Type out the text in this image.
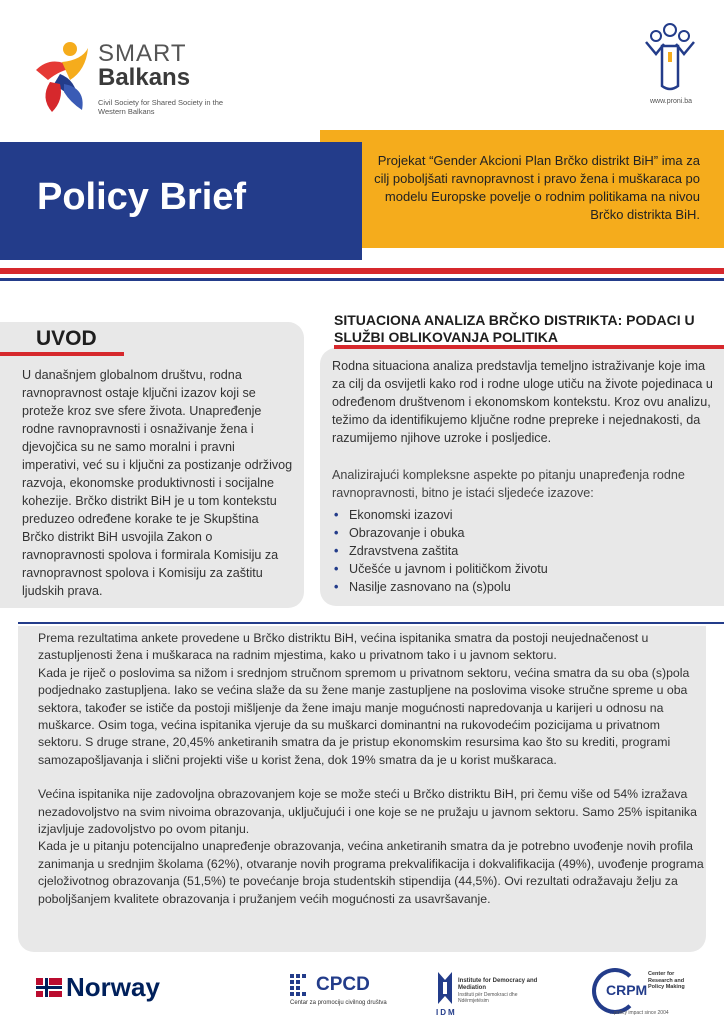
SMART
Balkans
Civil Society for Shared Society in the Western Balkans
www.proni.ba
Policy Brief
Projekat “Gender Akcioni Plan Brčko distrikt BiH” ima za cilj poboljšati ravnopravnost i pravo žena i muškaraca po modelu Europske povelje o rodnim politikama na nivou Brčko distrikta BiH.
UVOD
U današnjem globalnom društvu, rodna ravnopravnost ostaje ključni izazov koji se proteže kroz sve sfere života. Unapređenje rodne ravnopravnosti i osnaživanje žena i djevojčica su ne samo moralni i pravni imperativi, već su i ključni za postizanje održivog razvoja, ekonomske produktivnosti i socijalne kohezije. Brčko distrikt BiH je u tom kontekstu preduzeo određene korake te je Skupština Brčko distrikt BiH usvojila Zakon o ravnopravnosti spolova i formirala Komisiju za ravnopravnost spolova i Komisiju za zaštitu ljudskih prava.
SITUACIONA ANALIZA BRČKO DISTRIKTA: PODACI U SLUŽBI OBLIKOVANJA POLITIKA
Rodna situaciona analiza predstavlja temeljno istraživanje koje ima za cilj da osvijetli kako rod i rodne uloge utiču na živote pojedinaca u određenom društvenom i ekonomskom kontekstu. Kroz ovu analizu, težimo da identifikujemo ključne rodne prepreke i nejednakosti, da razumijemo njihove uzroke i posljedice.
Analizirajući kompleksne aspekte po pitanju unapređenja rodne ravnopravnosti, bitno je istaći sljedeće izazove:
• Ekonomski izazovi
• Obrazovanje i obuka
• Zdravstvena zaštita
• Učešće u javnom i političkom životu
• Nasilje zasnovano na (s)polu

Prema rezultatima ankete provedene u Brčko distriktu BiH, većina ispitanika smatra da postoji neujednačenost u zastupljenosti žena i muškaraca na radnim mjestima, kako u privatnom tako i u javnom sektoru.

Kada je riječ o poslovima sa nižom i srednjom stručnom spremom u privatnom sektoru, većina smatra da su oba (s)pola podjednako zastupljena. Iako se većina slaže da su žene manje zastupljene na poslovima visoke stručne spreme u oba sektora, također se ističe da postoji mišljenje da žene imaju manje mogućnosti napredovanja u karijeri u odnosu na muškarce. Osim toga, većina ispitanika vjeruje da su muškarci dominantni na rukovodećim pozicijama u privatnom sektoru. S druge strane, 20,45% anketiranih smatra da je pristup ekonomskim resursima kao što su krediti, programi samozapošljavanja i slični projekti više u korist žena, dok 19% smatra da je u korist muškaraca.

Većina ispitanika nije zadovoljna obrazovanjem koje se može steći u Brčko distriktu BiH, pri čemu više od 54% izražava nezadovoljstvo na svim nivoima obrazovanja, uključujući i one koje se ne pružaju u javnom sektoru. Samo 25% ispitanika izjavljuje zadovoljstvo po ovom pitanju.

Kada je u pitanju potencijalno unapređenje obrazovanja, većina anketiranih smatra da je potrebno uvođenje novih profila zanimanja u srednjim školama (62%), otvaranje novih programa prekvalifikacija i dokvalifikacija (49%), uvođenje programa cjeloživotnog obrazovanja (51,5%) te povećanje broja studentskih stipendija (44,5%). Ovi rezultati odražavaju želju za poboljšanjem kvalitete obrazovanja i pružanjem većih mogućnosti za usavršavanje.

Norway	CPCD
Centar za promociju civilnog društva
Institute for Democracy and Mediation
Instituti për Demokraci dhe Ndërmjetësim
IDM
CRPM
Center for Research and Policy Making
...policy impact since 2004
